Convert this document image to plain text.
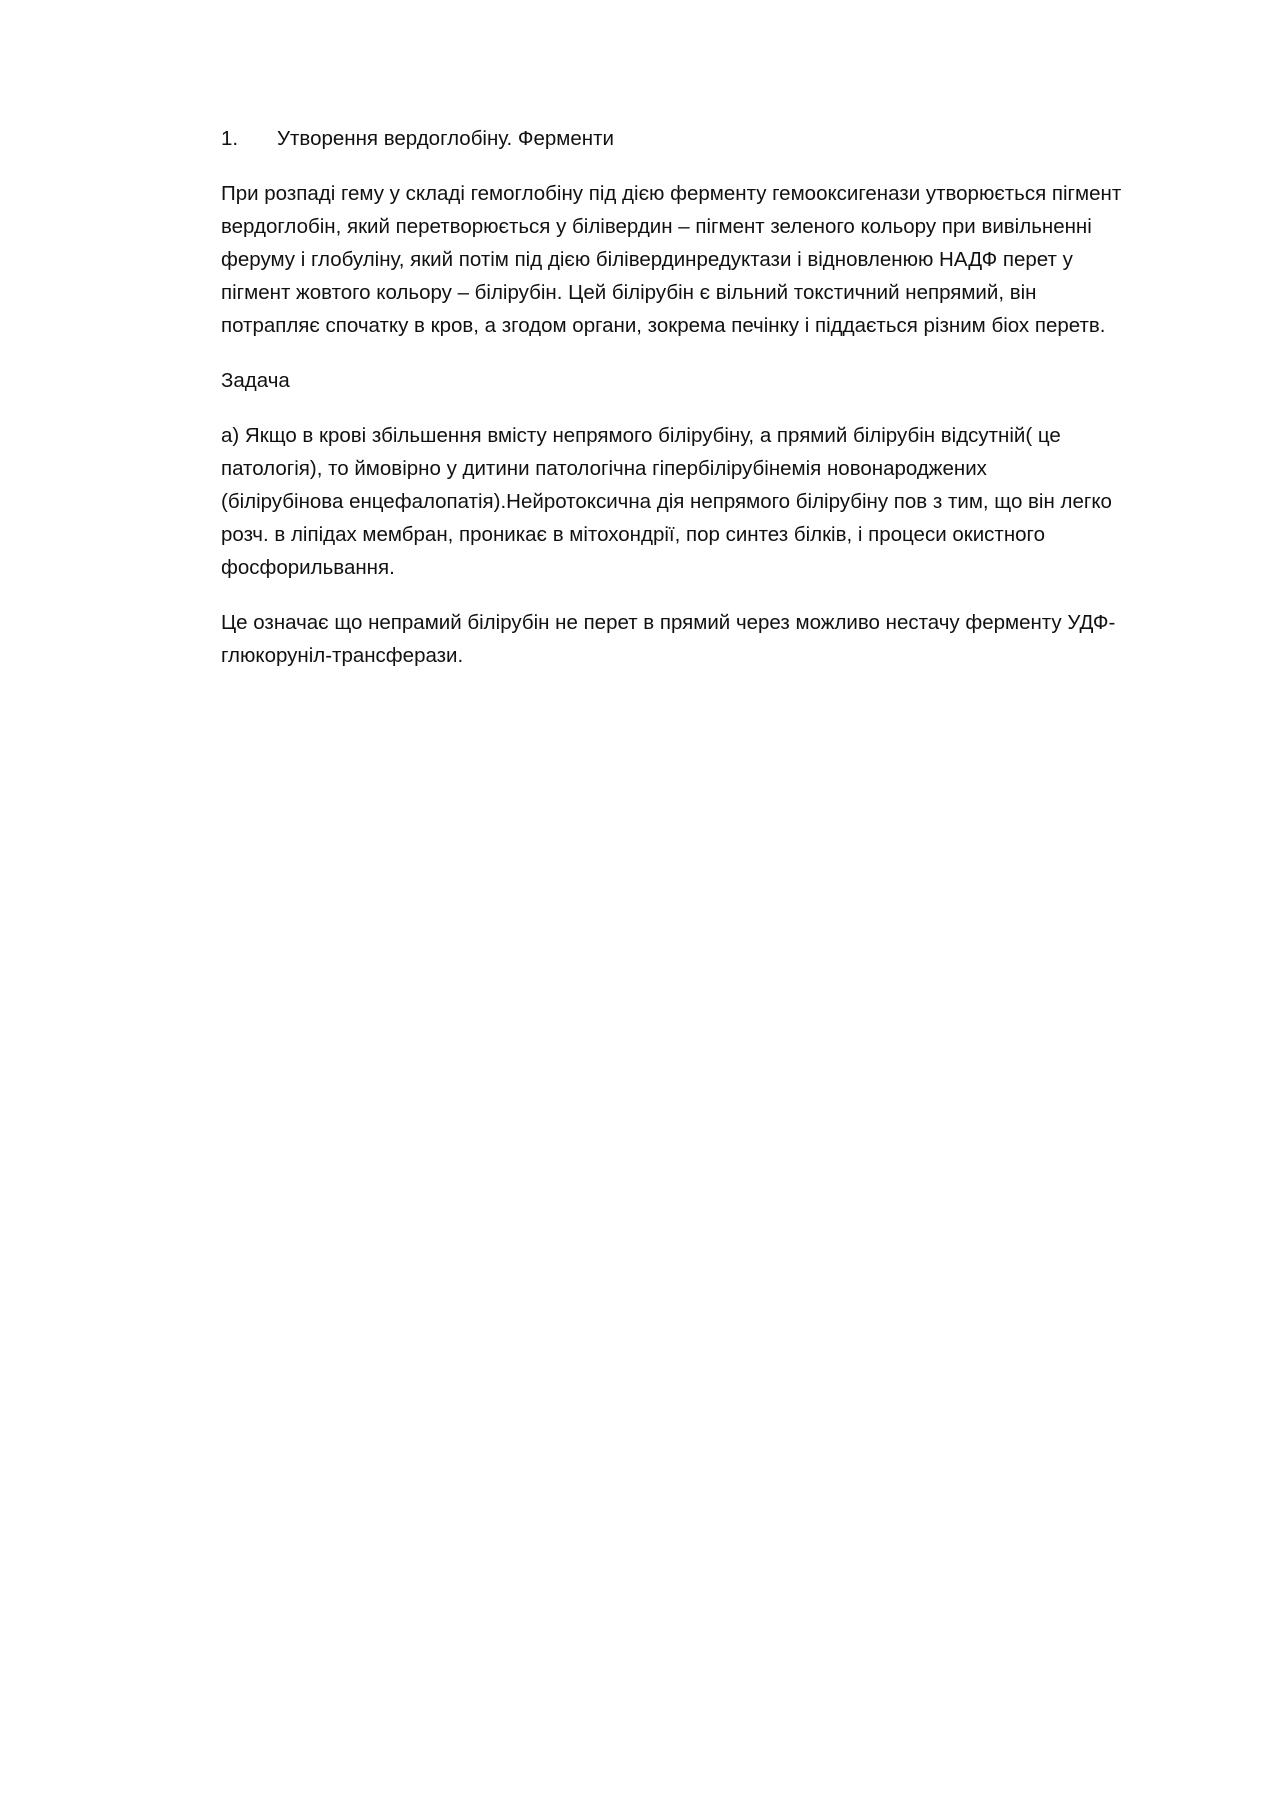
1.	Утворення вердоглобіну. Ферменти

При розпаді гему у складі гемоглобіну під дією ферменту гемооксигенази утворюється пігмент
вердоглобін, який перетворюється у білівердин – пігмент зеленого кольору при вивільненні
феруму і глобуліну, який потім під дією білівердинредуктази і відновленюю НАДФ перет у
пігмент жовтого кольору – білірубін. Цей білірубін є вільний токстичний непрямий, він
потрапляє спочатку в кров, а згодом органи, зокрема печінку і піддається різним біох перетв.

Задача

а) Якщо в крові збільшення вмісту непрямого білірубіну, а прямий білірубін відсутній( це
патологія), то ймовірно у дитини патологічна гіпербілірубінемія новонароджених
(білірубінова енцефалопатія).Нейротоксична дія непрямого білірубіну пов з тим, що він легко
розч. в ліпідах мембран, проникає в мітохондрії, пор синтез білків, і процеси окистного
фосфорильвання.

Це означає що непрамий білірубін не перет в прямий через можливо нестачу ферменту УДФ-
глюкоруніл-трансферази.
